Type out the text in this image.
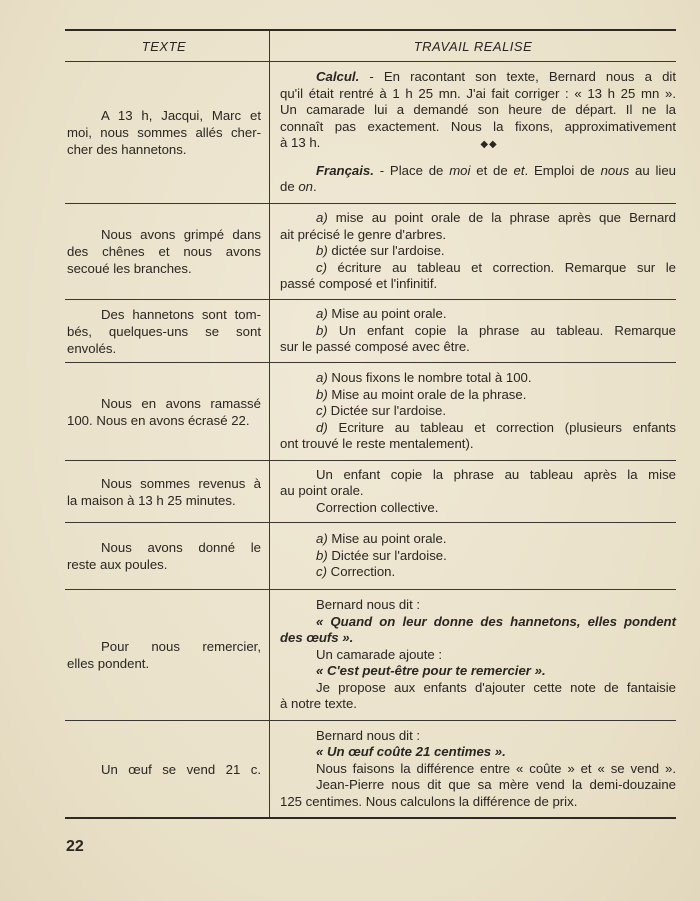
TEXTE	TRAVAIL REALISE
A 13 h, Jacqui, Marc et
moi, nous sommes allés cher-
cher des hannetons.
Calcul. - En racontant son texte, Bernard nous a dit
qu'il était rentré à 1 h 25 mn. J'ai fait corriger : « 13 h 25 mn ».
Un camarade lui a demandé son heure de départ. Il ne la
connaît pas exactement. Nous la fixons, approximativement
à 13 h.	◆◆
Français. - Place de moi et de et. Emploi de nous au lieu
de on.
Nous avons grimpé dans
des chênes et nous avons
secoué les branches.
a) mise au point orale de la phrase après que Bernard
ait précisé le genre d'arbres.
b) dictée sur l'ardoise.
c) écriture au tableau et correction. Remarque sur le
passé composé et l'infinitif.
Des hannetons sont tom-
bés, quelques-uns se sont
envolés.
a) Mise au point orale.
b) Un enfant copie la phrase au tableau. Remarque
sur le passé composé avec être.
Nous en avons ramassé
100. Nous en avons écrasé 22.
a) Nous fixons le nombre total à 100.
b) Mise au moint orale de la phrase.
c) Dictée sur l'ardoise.
d) Ecriture au tableau et correction (plusieurs enfants
ont trouvé le reste mentalement).
Nous sommes revenus à
la maison à 13 h 25 minutes.
Un enfant copie la phrase au tableau après la mise
au point orale.
Correction collective.
Nous avons donné le
reste aux poules.
a) Mise au point orale.
b) Dictée sur l'ardoise.
c) Correction.
Pour nous remercier,
elles pondent.
Bernard nous dit :
« Quand on leur donne des hannetons, elles pondent
des œufs ».
Un camarade ajoute :
« C'est peut-être pour te remercier ».
Je propose aux enfants d'ajouter cette note de fantaisie
à notre texte.
Un œuf se vend 21 c.
Bernard nous dit :
« Un œuf coûte 21 centimes ».
Nous faisons la différence entre « coûte » et « se vend ».
Jean-Pierre nous dit que sa mère vend la demi-douzaine
125 centimes. Nous calculons la différence de prix.
22
